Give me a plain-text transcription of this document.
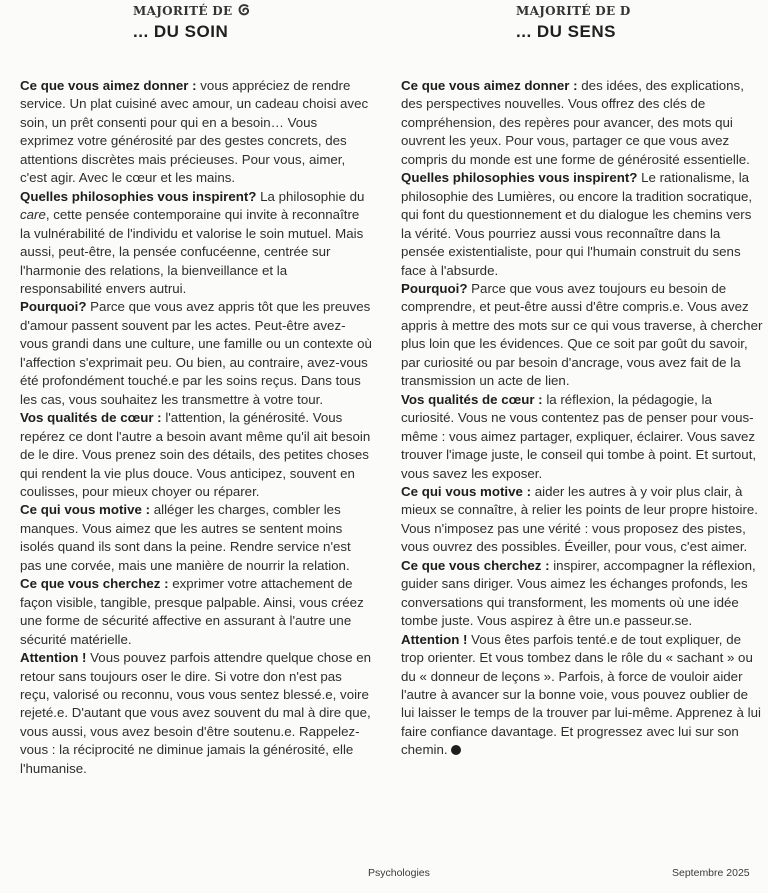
MAJORITÉ DE
... DU SOIN
MAJORITÉ DE D
... DU SENS

Ce que vous aimez donner : vous appréciez de rendre service. Un plat cuisiné avec amour, un cadeau choisi avec soin, un prêt consenti pour qui en a besoin… Vous exprimez votre générosité par des gestes concrets, des attentions discrètes mais précieuses. Pour vous, aimer, c'est agir. Avec le cœur et les mains.

Quelles philosophies vous inspirent? La philosophie du care, cette pensée contemporaine qui invite à reconnaître la vulnérabilité de l'individu et valorise le soin mutuel. Mais aussi, peut-être, la pensée confucéenne, centrée sur l'harmonie des relations, la bienveillance et la responsabilité envers autrui.

Pourquoi? Parce que vous avez appris tôt que les preuves d'amour passent souvent par les actes. Peut-être avez-vous grandi dans une culture, une famille ou un contexte où l'affection s'exprimait peu. Ou bien, au contraire, avez-vous été profondément touché.e par les soins reçus. Dans tous les cas, vous souhaitez les transmettre à votre tour.

Vos qualités de cœur : l'attention, la générosité. Vous repérez ce dont l'autre a besoin avant même qu'il ait besoin de le dire. Vous prenez soin des détails, des petites choses qui rendent la vie plus douce. Vous anticipez, souvent en coulisses, pour mieux choyer ou réparer.

Ce qui vous motive : alléger les charges, combler les manques. Vous aimez que les autres se sentent moins isolés quand ils sont dans la peine. Rendre service n'est pas une corvée, mais une manière de nourrir la relation.

Ce que vous cherchez : exprimer votre attachement de façon visible, tangible, presque palpable. Ainsi, vous créez une forme de sécurité affective en assurant à l'autre une sécurité matérielle.

Attention ! Vous pouvez parfois attendre quelque chose en retour sans toujours oser le dire. Si votre don n'est pas reçu, valorisé ou reconnu, vous vous sentez blessé.e, voire rejeté.e. D'autant que vous avez souvent du mal à dire que, vous aussi, vous avez besoin d'être soutenu.e. Rappelez-vous : la réciprocité ne diminue jamais la générosité, elle l'humanise.

Ce que vous aimez donner : des idées, des explications, des perspectives nouvelles. Vous offrez des clés de compréhension, des repères pour avancer, des mots qui ouvrent les yeux. Pour vous, partager ce que vous avez compris du monde est une forme de générosité essentielle.

Quelles philosophies vous inspirent? Le rationalisme, la philosophie des Lumières, ou encore la tradition socratique, qui font du questionnement et du dialogue les chemins vers la vérité. Vous pourriez aussi vous reconnaître dans la pensée existentialiste, pour qui l'humain construit du sens face à l'absurde.

Pourquoi? Parce que vous avez toujours eu besoin de comprendre, et peut-être aussi d'être compris.e. Vous avez appris à mettre des mots sur ce qui vous traverse, à chercher plus loin que les évidences. Que ce soit par goût du savoir, par curiosité ou par besoin d'ancrage, vous avez fait de la transmission un acte de lien.

Vos qualités de cœur : la réflexion, la pédagogie, la curiosité. Vous ne vous contentez pas de penser pour vous-même : vous aimez partager, expliquer, éclairer. Vous savez trouver l'image juste, le conseil qui tombe à point. Et surtout, vous savez les exposer.

Ce qui vous motive : aider les autres à y voir plus clair, à mieux se connaître, à relier les points de leur propre histoire. Vous n'imposez pas une vérité : vous proposez des pistes, vous ouvrez des possibles. Éveiller, pour vous, c'est aimer.

Ce que vous cherchez : inspirer, accompagner la réflexion, guider sans diriger. Vous aimez les échanges profonds, les conversations qui transforment, les moments où une idée tombe juste. Vous aspirez à être un.e passeur.se.

Attention ! Vous êtes parfois tenté.e de tout expliquer, de trop orienter. Et vous tombez dans le rôle du « sachant » ou du « donneur de leçons ». Parfois, à force de vouloir aider l'autre à avancer sur la bonne voie, vous pouvez oublier de lui laisser le temps de la trouver par lui-même. Apprenez à lui faire confiance davantage. Et progressez avec lui sur son chemin.

Psychologies	Septembre 2025
